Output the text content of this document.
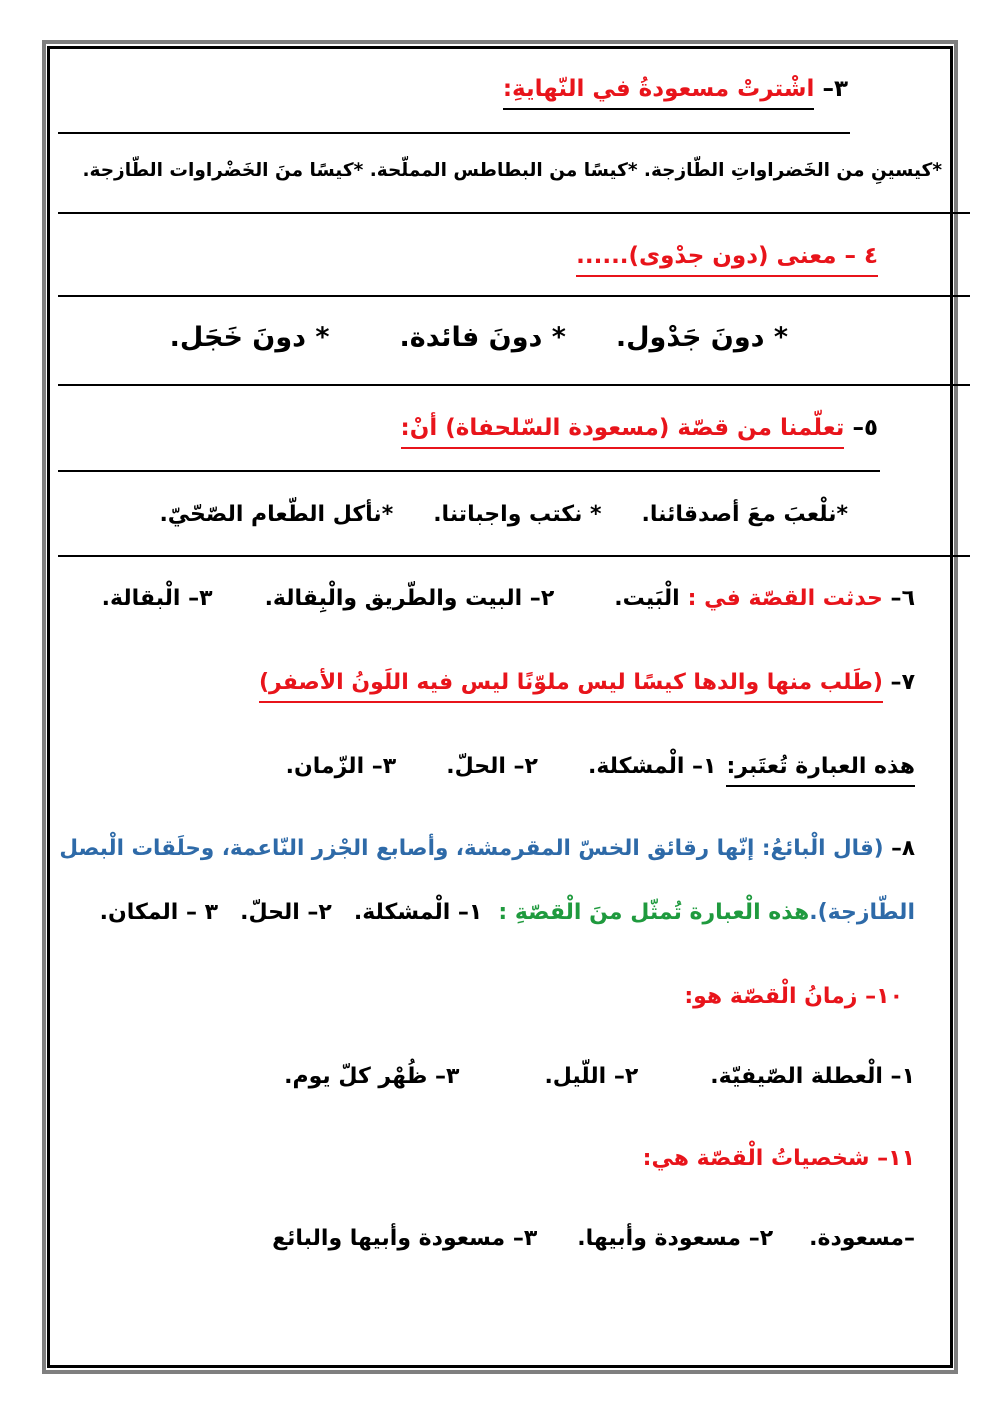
٣– اشْترتْ مسعودةُ في النّهايةِ:
*كيسينِ من الخَضراواتِ الطّازجة. *كيسًا من البطاطس المملّحة. *كيسًا منَ الخَضْراوات الطّازجة.
٤ – معنى (دون جدْوى)......
* دونَ جَدْول.* دونَ فائدة.* دونَ خَجَل.
٥– تعلّمنا من قصّة (مسعودة السّلحفاة) أنْ:
*نلْعبَ معَ أصدقائنا.* نكتب واجباتنا.*نأكل الطّعام الصّحّيّ.
٦– حدثت القصّة في :الْبَيت.٢– البيت والطّريق والْبِقالة.٣– الْبقالة.
٧– (طَلب منها والدها كيسًا ليس ملوّنًا ليس فيه اللَونُ الأصفر)
هذه العبارة تُعتَبر:١– الْمشكلة.٢– الحلّ.٣– الزّمان.
٨– (قال الْبائعُ: إنّها رقائق الخسّ المقرمشة، وأصابع الجْزر النّاعمة، وحلَقات الْبصل
الطّازجة).هذه الْعبارة تُمثّل منَ الْقصّةِ :١– الْمشكلة.٢– الحلّ.٣ – المكان.
١٠– زمانُ الْقصّة هو:
١– الْعطلة الصّيفيّة.٢– اللّيل.٣– ظُهْر كلّ يوم.
١١– شخصياتُ الْقصّة هي:
–مسعودة.٢– مسعودة وأبيها.٣– مسعودة وأبيها والبائع
